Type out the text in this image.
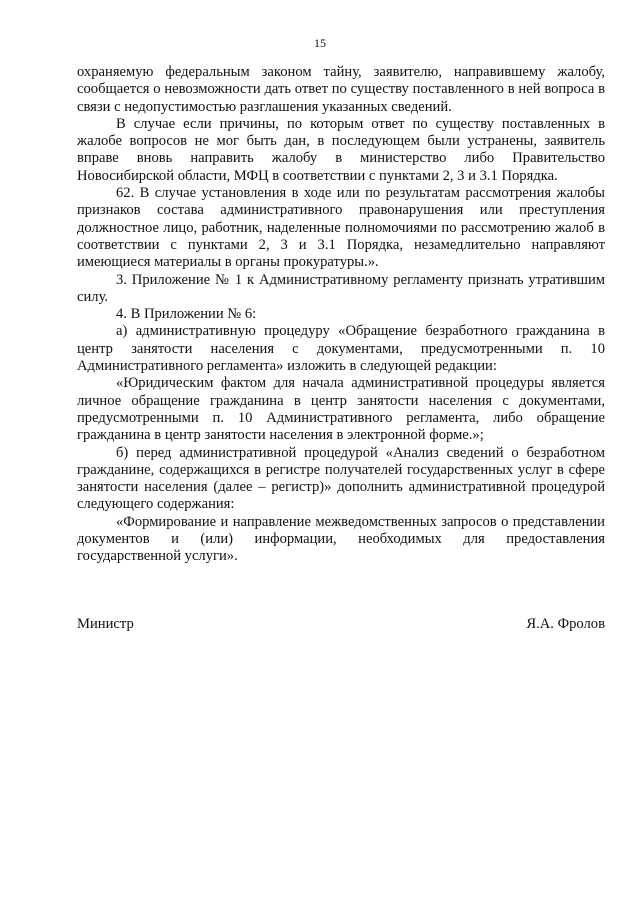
15

охраняемую федеральным законом тайну, заявителю, направившему жалобу, сообщается о невозможности дать ответ по существу поставленного в ней вопроса в связи с недопустимостью разглашения указанных сведений.

В случае если причины, по которым ответ по существу поставленных в жалобе вопросов не мог быть дан, в последующем были устранены, заявитель вправе вновь направить жалобу в министерство либо Правительство Новосибирской области, МФЦ в соответствии с пунктами 2, 3 и 3.1 Порядка.

62. В случае установления в ходе или по результатам рассмотрения жалобы признаков состава административного правонарушения или преступления должностное лицо, работник, наделенные полномочиями по рассмотрению жалоб в соответствии с пунктами 2, 3 и 3.1 Порядка, незамедлительно направляют имеющиеся материалы в органы прокуратуры.».

3. Приложение № 1 к Административному регламенту признать утратившим силу.

4. В Приложении № 6:

а) административную процедуру «Обращение безработного гражданина в центр занятости населения с документами, предусмотренными п. 10 Административного регламента» изложить в следующей редакции:

«Юридическим фактом для начала административной процедуры является личное обращение гражданина в центр занятости населения с документами, предусмотренными п. 10 Административного регламента, либо обращение гражданина в центр занятости населения в электронной форме.»;

б) перед административной процедурой «Анализ сведений о безработном гражданине, содержащихся в регистре получателей государственных услуг в сфере занятости населения (далее – регистр)» дополнить административной процедурой следующего содержания:

«Формирование и направление межведомственных запросов о представлении документов и (или) информации, необходимых для предоставления государственной услуги».

Министр	Я.А. Фролов
